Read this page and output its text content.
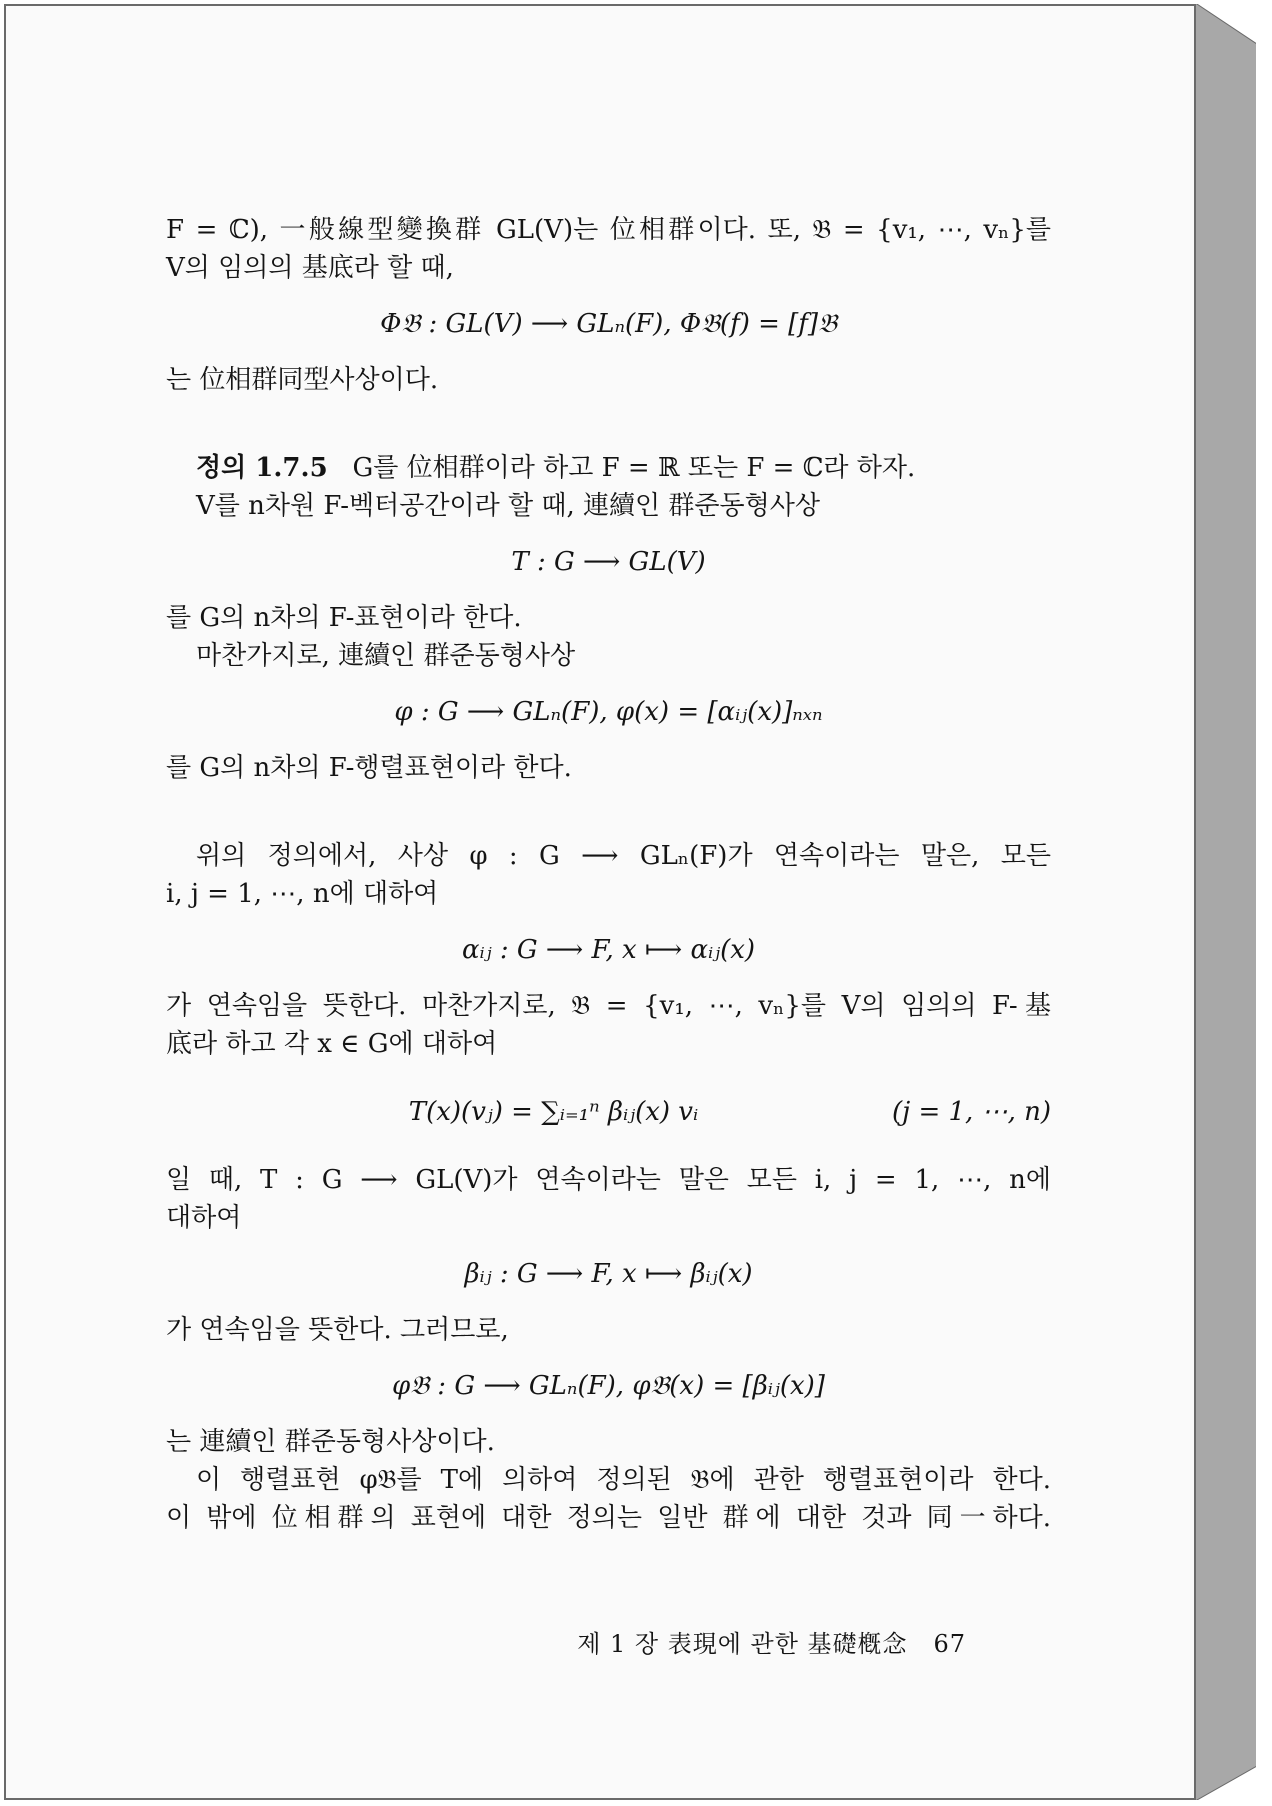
F = ℂ), 一般線型變換群 GL(V)는 位相群이다. 또, 𝔅 = {v₁, ⋯, vₙ}를
V의 임의의 基底라 할 때,
Φ𝔅 : GL(V) ⟶ GLₙ(F), Φ𝔅(f) = [f]𝔅
는 位相群同型사상이다.
정의 1.7.5 G를 位相群이라 하고 F = ℝ 또는 F = ℂ라 하자.
V를 n차원 F-벡터공간이라 할 때, 連續인 群준동형사상
T : G ⟶ GL(V)
를 G의 n차의 F-표현이라 한다.
마찬가지로, 連續인 群준동형사상
φ : G ⟶ GLₙ(F), φ(x) = [αᵢⱼ(x)]ₙₓₙ
를 G의 n차의 F-행렬표현이라 한다.
위의 정의에서, 사상 φ : G ⟶ GLₙ(F)가 연속이라는 말은, 모든
i, j = 1, ⋯, n에 대하여
αᵢⱼ : G ⟶ F, x ⟼ αᵢⱼ(x)
가 연속임을 뜻한다. 마찬가지로, 𝔅 = {v₁, ⋯, vₙ}를 V의 임의의 F-基
底라 하고 각 x ∈ G에 대하여
T(x)(vⱼ) = ∑ᵢ₌₁ⁿ βᵢⱼ(x) vᵢ	(j = 1, ⋯, n)
일 때, T : G ⟶ GL(V)가 연속이라는 말은 모든 i, j = 1, ⋯, n에
대하여
βᵢⱼ : G ⟶ F, x ⟼ βᵢⱼ(x)
가 연속임을 뜻한다. 그러므로,
φ𝔅 : G ⟶ GLₙ(F), φ𝔅(x) = [βᵢⱼ(x)]
는 連續인 群준동형사상이다.
이 행렬표현 φ𝔅를 T에 의하여 정의된 𝔅에 관한 행렬표현이라 한다.
이 밖에 位相群의 표현에 대한 정의는 일반 群에 대한 것과 同一하다.
제 1 장 表現에 관한 基礎槪念 67
